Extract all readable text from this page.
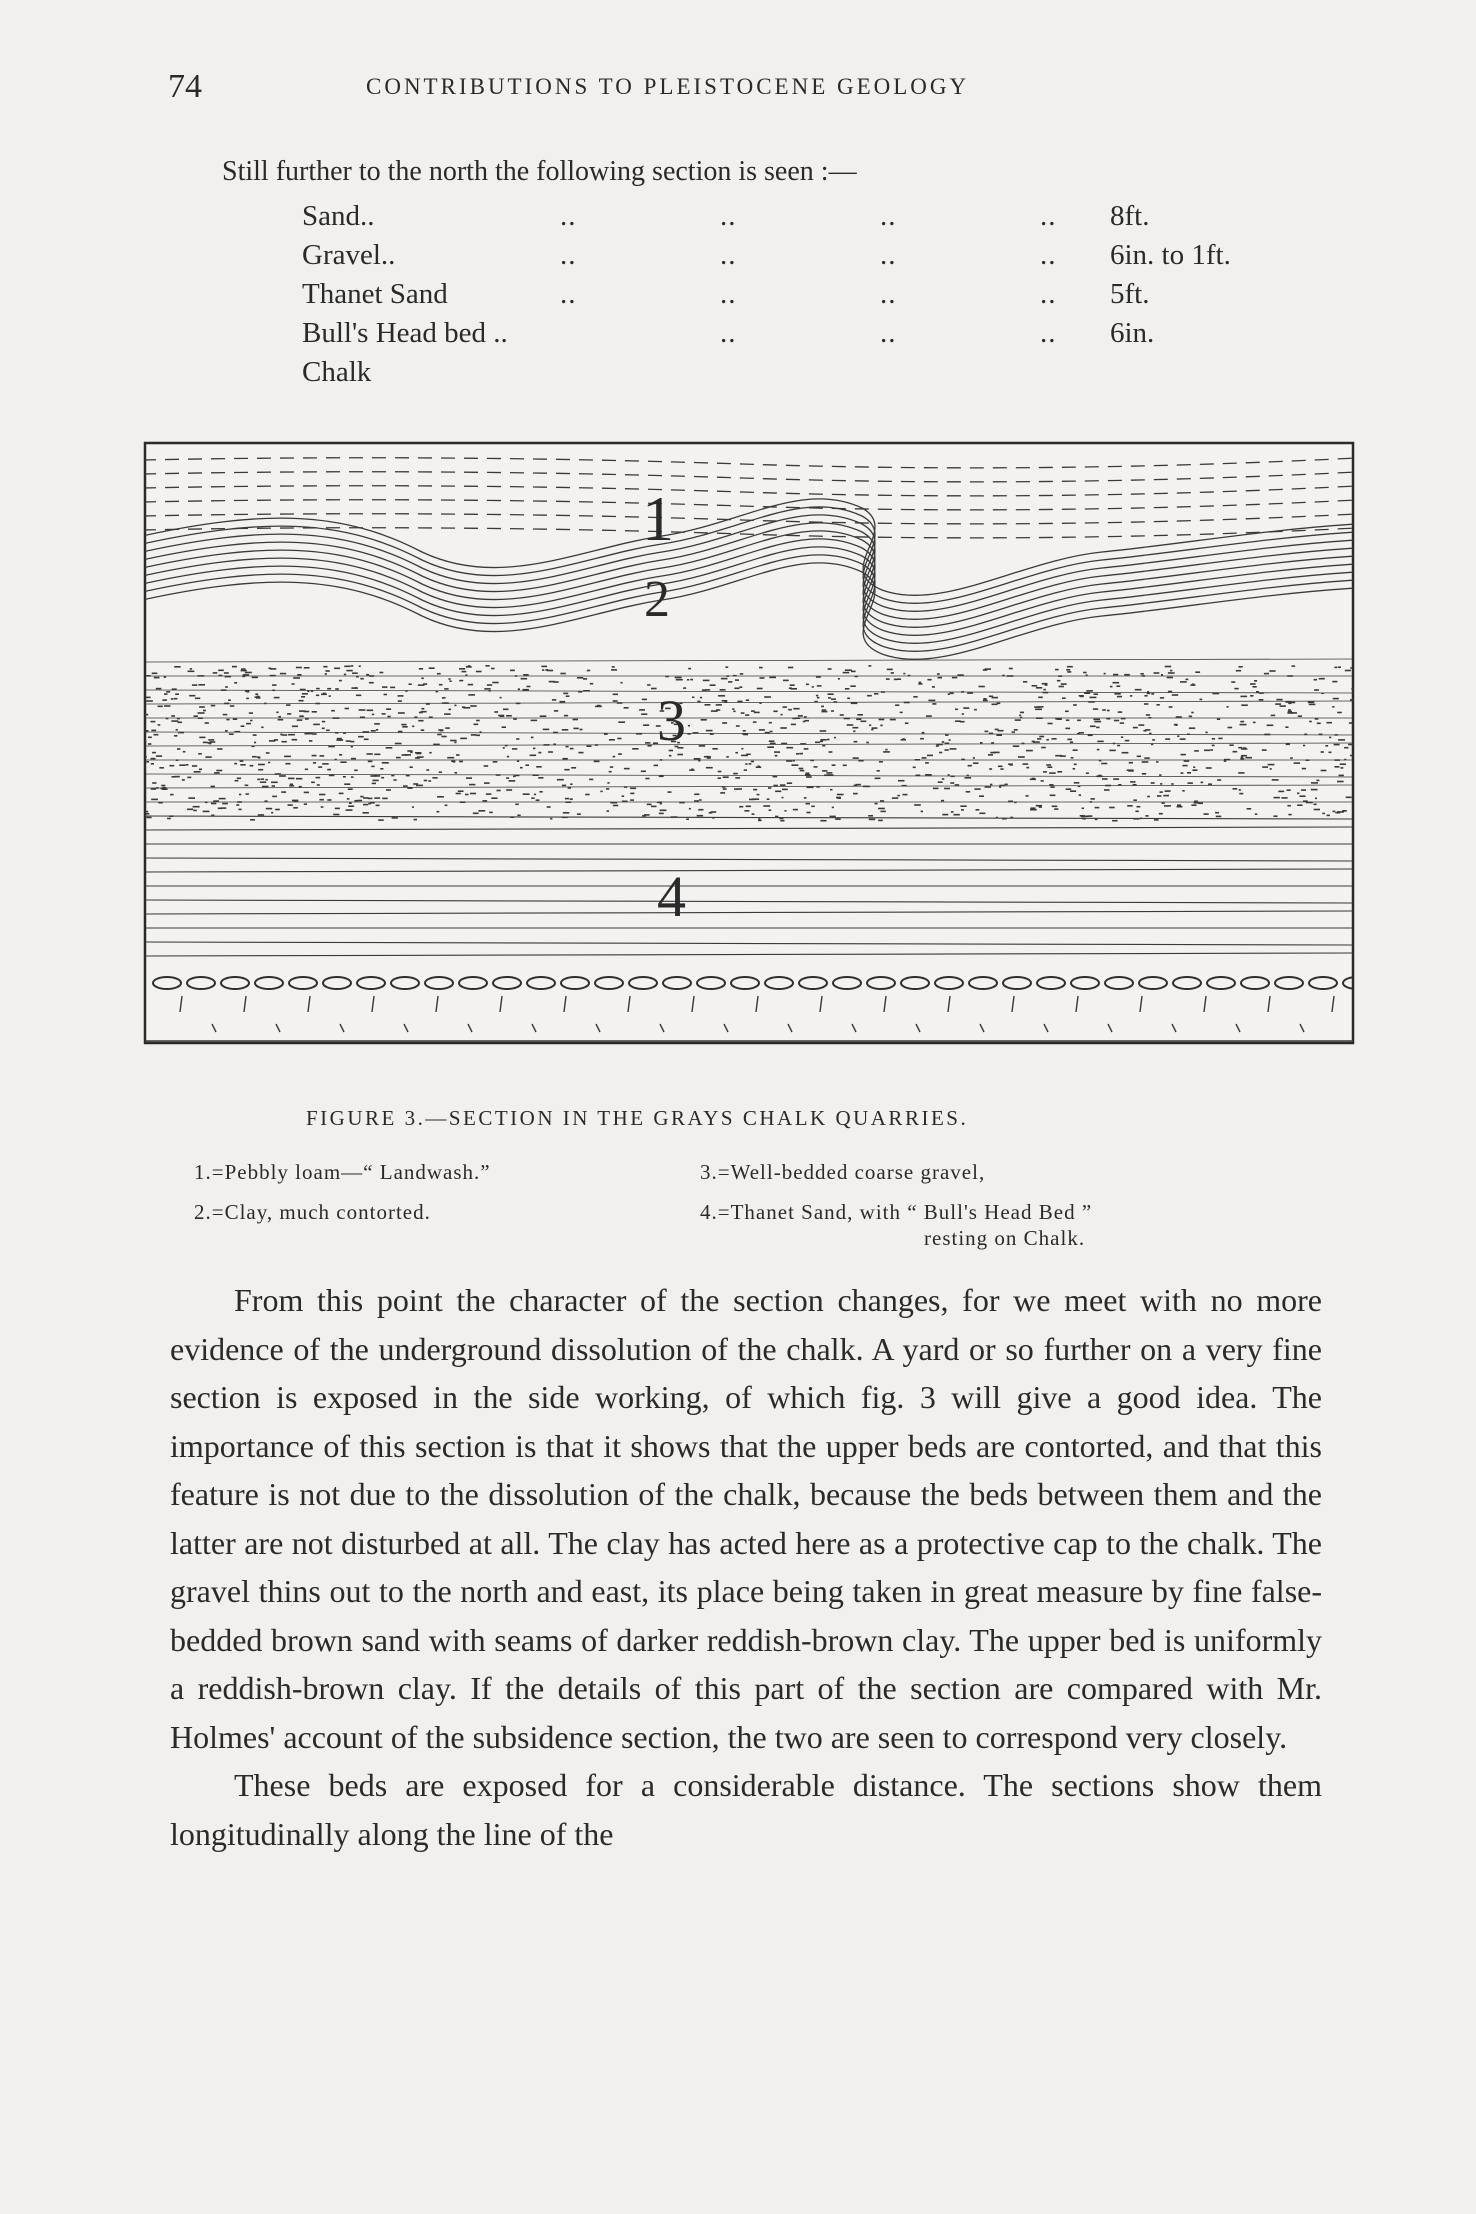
74	CONTRIBUTIONS TO PLEISTOCENE GEOLOGY
Still further to the north the following section is seen :—
Sand..	..	..	..	.. 8ft.
Gravel..	..	..	..	.. 6in. to 1ft.
Thanet Sand	..	..	..	.. 5ft.
Bull's Head bed ..	..	..	.. 6in.
Chalk
1
2
3
4
FIGURE 3.—SECTION IN THE GRAYS CHALK QUARRIES.
1.=Pebbly loam—“ Landwash.”
2.=Clay, much contorted.
3.=Well-bedded coarse gravel,
4.=Thanet Sand, with “ Bull's Head Bed ”
resting on Chalk.

From this point the character of the section changes, for we meet with no more evidence of the underground dissolution of the chalk. A yard or so further on a very fine section is exposed in the side working, of which fig. 3 will give a good idea. The importance of this section is that it shows that the upper beds are contorted, and that this feature is not due to the dissolution of the chalk, because the beds between them and the latter are not disturbed at all. The clay has acted here as a protective cap to the chalk. The gravel thins out to the north and east, its place being taken in great measure by fine false-bedded brown sand with seams of darker reddish-brown clay. The upper bed is uniformly a reddish-brown clay. If the details of this part of the section are compared with Mr. Holmes' account of the subsidence section, the two are seen to correspond very closely.

These beds are exposed for a considerable distance. The sections show them longitudinally along the line of the
